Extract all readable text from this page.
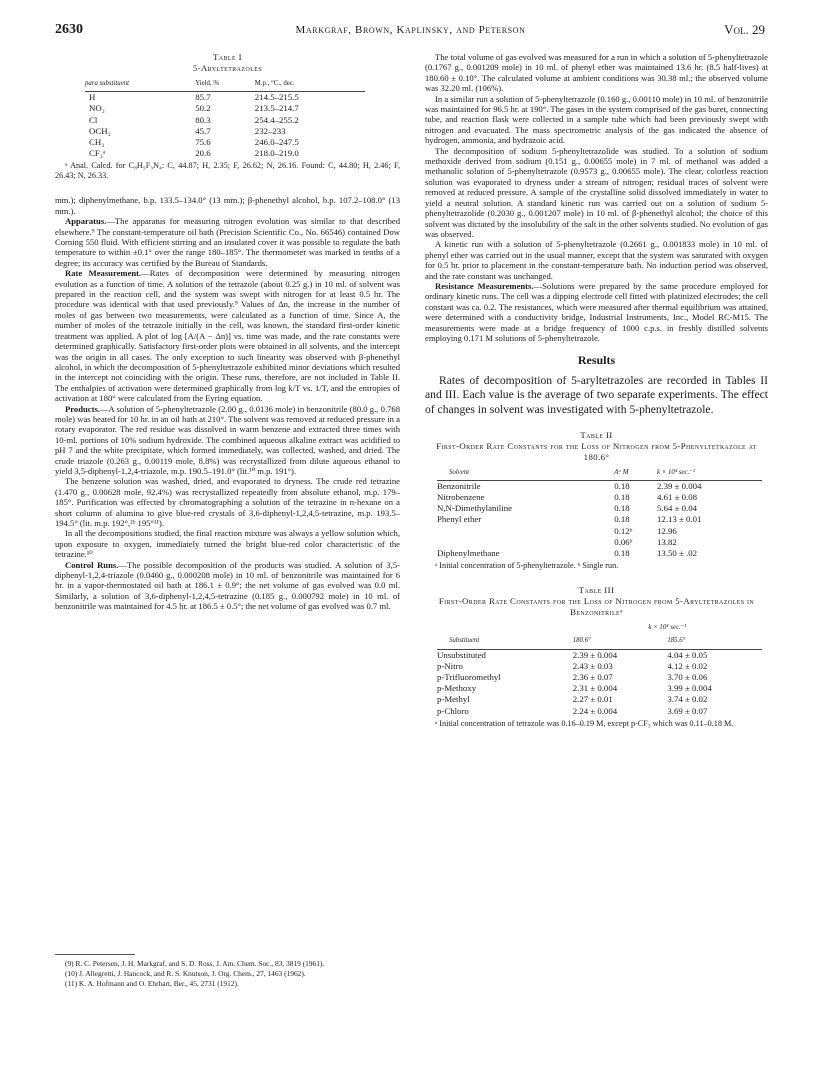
2630	Markgraf, Brown, Kaplinsky, and Peterson	Vol. 29
Table I
5-Aryltetrazoles
para substituent	Yield, %	M.p., °C., dec.
H	85.7	214.5–215.5
NO₂	50.2	213.5–214.7
Cl	80.3	254.4–255.2
OCH₃	45.7	232–233
CH₃	75.6	246.0–247.5
CF₃ᵃ	20.6	218.0–219.0

ᵃ Anal. Calcd. for C₈H₅F₃N₄: C, 44.87; H, 2.35; F, 26.62; N, 26.16. Found: C, 44.80; H, 2.46; F, 26.43; N, 26.33.

mm.); diphenylmethane, b.p. 133.5–134.0° (13 mm.); β-phenethyl alcohol, b.p. 107.2–108.0° (13 mm.).

Apparatus.—The apparatus for measuring nitrogen evolution was similar to that described elsewhere.⁹ The constant-temperature oil bath (Precision Scientific Co., No. 66546) contained Dow Corning 550 fluid. With efficient stirring and an insulated cover it was possible to regulate the bath temperature to within ±0.1° over the range 180–185°. The thermometer was marked in tenths of a degree; its accuracy was certified by the Bureau of Standards.

Rate Measurement.—Rates of decomposition were determined by measuring nitrogen evolution as a function of time. A solution of the tetrazole (about 0.25 g.) in 10 ml. of solvent was prepared in the reaction cell, and the system was swept with nitrogen for at least 0.5 hr. The procedure was identical with that used previously.⁹ Values of Δn, the increase in the number of moles of gas between two measurements, were calculated as a function of time. Since A, the number of moles of the tetrazole initially in the cell, was known, the standard first-order kinetic treatment was applied. A plot of log [A/(A − Δn)] vs. time was made, and the rate constants were determined graphically. Satisfactory first-order plots were obtained in all solvents, and the intercept was the origin in all cases. The only exception to such linearity was observed with β-phenethyl alcohol, in which the decomposition of 5-phenyltetrazole exhibited minor deviations which resulted in the intercept not coinciding with the origin. These runs, therefore, are not included in Table II. The enthalpies of activation were determined graphically from log k/T vs. 1/T, and the entropies of activation at 180° were calculated from the Eyring equation.

Products.—A solution of 5-phenyltetrazole (2.00 g., 0.0136 mole) in benzonitrile (80.0 g., 0.768 mole) was heated for 10 hr. in an oil bath at 210°. The solvent was removed at reduced pressure in a rotary evaporator. The red residue was dissolved in warm benzene and extracted three times with 10-ml. portions of 10% sodium hydroxide. The combined aqueous alkaline extract was acidified to pH 7 and the white precipitate, which formed immediately, was collected, washed, and dried. The crude triazole (0.263 g., 0.00119 mole, 8.8%) was recrystallized from dilute aqueous ethanol to yield 3,5-diphenyl-1,2,4-triazole, m.p. 190.5–191.0° (lit.¹⁰ m.p. 191°).

The benzene solution was washed, dried, and evaporated to dryness. The crude red tetrazine (1.470 g., 0.00628 mole, 92.4%) was recrystallized repeatedly from absolute ethanol, m.p. 179–185°. Purification was effected by chromatographing a solution of the tetrazine in n-hexane on a short column of alumina to give blue-red crystals of 3,6-diphenyl-1,2,4,5-tetrazine, m.p. 193.5–194.5° (lit. m.p. 192°,²ᵇ 195°¹¹).

In all the decompositions studied, the final reaction mixture was always a yellow solution which, upon exposure to oxygen, immediately turned the bright blue-red color characteristic of the tetrazine.¹⁰

Control Runs.—The possible decomposition of the products was studied. A solution of 3,5-diphenyl-1,2,4-triazole (0.0460 g., 0.000208 mole) in 10 ml. of benzonitrile was maintained for 6 hr. in a vapor-thermostated oil bath at 186.1 ± 0.9°; the net volume of gas evolved was 0.0 ml. Similarly, a solution of 3,6-diphenyl-1,2,4,5-tetrazine (0.185 g., 0.000792 mole) in 10 ml. of benzonitrile was maintained for 4.5 hr. at 186.5 ± 0.5°; the net volume of gas evolved was 0.7 ml.

(9) R. C. Petersen, J. H. Markgraf, and S. D. Ross, J. Am. Chem. Soc., 83, 3819 (1961).
(10) J. Allegretti, J. Hancock, and R. S. Knutson, J. Org. Chem., 27, 1463 (1962).
(11) K. A. Hofmann and O. Ehrhart, Ber., 45, 2731 (1912).

The total volume of gas evolved was measured for a run in which a solution of 5-phenyltetrazole (0.1767 g., 0.001209 mole) in 10 ml. of phenyl ether was maintained 13.6 hr. (8.5 half-lives) at 180.60 ± 0.10°. The calculated volume at ambient conditions was 30.38 ml.; the observed volume was 32.20 ml. (106%).

In a similar run a solution of 5-phenyltetrazole (0.160 g., 0.00110 mole) in 10 ml. of benzonitrile was maintained for 96.5 hr. at 190°. The gases in the system comprised of the gas buret, connecting tube, and reaction flask were collected in a sample tube which had been previously swept with nitrogen and evacuated. The mass spectrometric analysis of the gas indicated the absence of hydrogen, ammonia, and hydrazoic acid.

The decomposition of sodium 5-phenyltetrazolide was studied. To a solution of sodium methoxide derived from sodium (0.151 g., 0.00655 mole) in 7 ml. of methanol was added a methanolic solution of 5-phenyltetrazole (0.9573 g., 0.00655 mole). The clear, colorless reaction solution was evaporated to dryness under a stream of nitrogen; residual traces of solvent were removed at reduced pressure. A sample of the crystalline solid dissolved immediately in water to yield a neutral solution. A standard kinetic run was carried out on a solution of sodium 5-phenyltetrazolide (0.2030 g., 0.001207 mole) in 10 ml. of β-phenethyl alcohol; the choice of this solvent was dictated by the insolubility of the salt in the other solvents studied. No evolution of gas was observed.

A kinetic run with a solution of 5-phenyltetrazole (0.2661 g., 0.001833 mole) in 10 ml. of phenyl ether was carried out in the usual manner, except that the system was saturated with oxygen for 0.5 hr. prior to placement in the constant-temperature bath. No induction period was observed, and the rate constant was unchanged.

Resistance Measurements.—Solutions were prepared by the same procedure employed for ordinary kinetic runs. The cell was a dipping electrode cell fitted with platinized electrodes; the cell constant was ca. 0.2. The resistances, which were measured after thermal equilibrium was attained, were determined with a conductivity bridge, Industrial Instruments, Inc., Model RC-M15. The measurements were made at a bridge frequency of 1000 c.p.s. in freshly distilled solvents employing 0.171 M solutions of 5-phenyltetrazole.

Results

Rates of decomposition of 5-aryltetrazoles are recorded in Tables II and III. Each value is the average of two separate experiments. The effect of changes in solvent was investigated with 5-phenyltetrazole.

Table II
First-Order Rate Constants for the Loss of Nitrogen from 5-Phenyltetrazole at 180.6°
Solvent	Aᵃ M	k × 10⁴ sec.⁻¹
Benzonitrile	0.18	2.39 ± 0.004
Nitrobenzene	0.18	4.61 ± 0.08
N,N-Dimethylaniline	0.18	5.64 ± 0.04
Phenyl ether	0.18	12.13 ± 0.01
	0.12ᵇ	12.96
	0.06ᵇ	13.82
Diphenylmethane	0.18	13.50 ± .02

ᵃ Initial concentration of 5-phenyltetrazole. ᵇ Single run.

Table III
First-Order Rate Constants for the Loss of Nitrogen from 5-Aryltetrazoles in Benzonitrileᵃ
	k × 10⁴ sec.⁻¹	
Substituent	180.6°	185.6°
Unsubstituted	2.39 ± 0.004	4.04 ± 0.05
p-Nitro	2.43 ± 0.03	4.12 ± 0.02
p-Trifluoromethyl	2.36 ± 0.07	3.70 ± 0.06
p-Methoxy	2.31 ± 0.004	3.99 ± 0.004
p-Methyl	2.27 ± 0.01	3.74 ± 0.02
p-Chloro	2.24 ± 0.004	3.69 ± 0.07

ᵃ Initial concentration of tetrazole was 0.16–0.19 M, except p-CF₃ which was 0.11–0.18 M.
